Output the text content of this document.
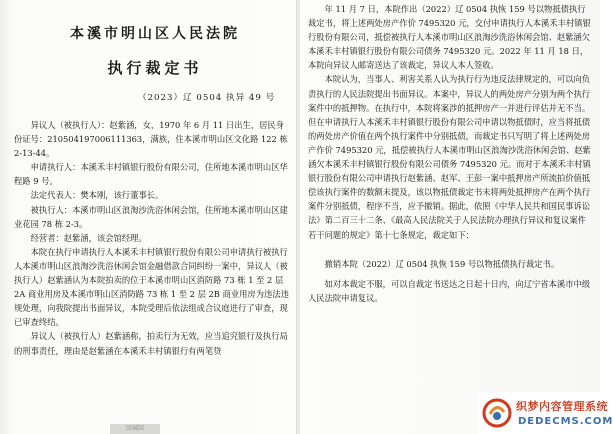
本溪市明山区人民法院
执行裁定书
（2023）辽 0504 执异 49 号

异议人（被执行人）：赵紫涵，女，1970 年 6 月 11 日出生，居民身份证号：210504197006111363，满族，住本溪市明山区文化路 122 栋 2-13-44。

申请执行人：本溪禾丰村镇银行股份有限公司，住所地本溪市明山区华程路 9 号。

法定代表人：樊本刚，该行董事长。

被执行人：本溪市明山区浪淘沙洗浴休闲会馆，住所地本溪市明山区建业花园 78 栋 2-3。

经营者：赵紫涵，该会馆经理。

本院在执行申请执行人本溪禾丰村镇银行股份有限公司申请执行被执行人本溪市明山区浪淘沙洗浴休闲会馆金融借款合同纠纷一案中，异议人（被执行人）赵紫涵认为本院拍卖的位于本溪市明山区消防路 73 栋 1 至 2 层 2A 商业用房及本溪市明山区消防路 73 栋 1 至 2 层 2B 商业用房为违法违规处理，向我院提出书面异议，本院受理后依法组成合议庭进行了审查，现已审查终结。

异议人（被执行人）赵紫涵称，拍卖行为无效，应当追究银行及执行局的刑事责任，理由是赵紫涵在本溪禾丰村镇银行有两笔贷

回城回

年 11 月 7 日，本院作出（2022）辽 0504 执恢 159 号以物抵债执行裁定书，将上述两处房产作价 7495320 元，交付申请执行人本溪禾丰村镇银行股份有限公司，抵偿被执行人本溪市明山区浪淘沙洗浴休闲会馆、赵紫涵欠本溪禾丰村镇银行股份有限公司债务 7495320 元。2022 年 11 月 18 日，本院向异议人邮寄送达了该裁定，异议人本人签收。

本院认为，当事人、利害关系人认为执行行为违反法律规定的，可以向负责执行的人民法院提出书面异议。本案中，异议人的两处房产分别为两个执行案件中的抵押物。在执行中，本院将案涉的抵押房产一并进行评估并无不当。但在申请执行人本溪禾丰村镇银行股份有限公司申请以物抵债时，应当将抵债的两处房产价值在两个执行案件中分别抵债，而裁定书只写明了将上述两处房产作价 7495320 元，抵偿被执行人本溪市明山区浪淘沙洗浴休闲会馆、赵紫涵欠本溪禾丰村镇银行股份有限公司债务 7495320 元。而对于本溪禾丰村镇银行股份有限公司申请执行赵紫涵、赵军、王彭一案中抵押房产所流拍价值抵偿该执行案件的数额未提及，该以物抵债裁定书未将两处抵押房产在两个执行案件分别抵债，程序不当，应予撤销。据此，依照《中华人民共和国民事诉讼法》第二百三十二条、《最高人民法院关于人民法院办理执行异议和复议案件若干问题的规定》第十七条规定，裁定如下：

撤销本院（2022）辽 0504 执恢 159 号以物抵债执行裁定书。

如对本裁定不服，可以自裁定书送达之日起十日内，向辽宁省本溪市中级人民法院申请复议。

织梦内容管理系统
DEDECMS.COM
